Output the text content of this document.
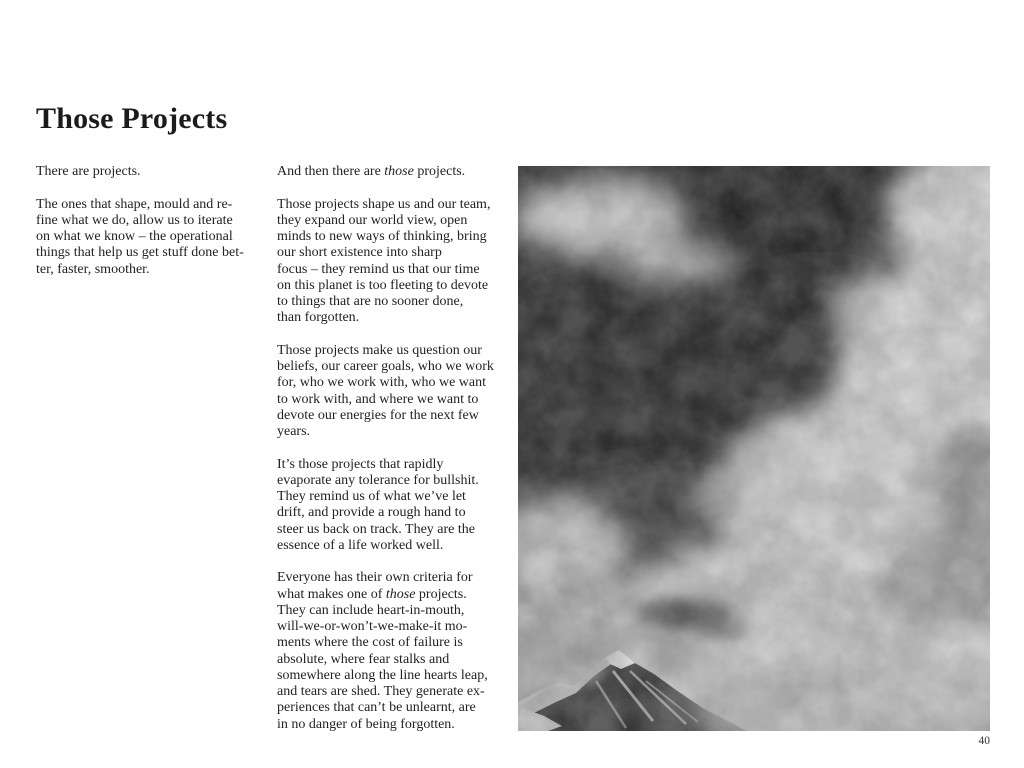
Those Projects

There are projects.

The ones that shape, mould and re-
fine what we do, allow us to iterate
on what we know – the operational
things that help us get stuff done bet-
ter, faster, smoother.

And then there are those projects.

Those projects shape us and our team,
they expand our world view, open
minds to new ways of thinking, bring
our short existence into sharp
focus – they remind us that our time
on this planet is too fleeting to devote
to things that are no sooner done,
than forgotten.

Those projects make us question our
beliefs, our career goals, who we work
for, who we work with, who we want
to work with, and where we want to
devote our energies for the next few
years.

It’s those projects that rapidly
evaporate any tolerance for bullshit.
They remind us of what we’ve let
drift, and provide a rough hand to
steer us back on track. They are the
essence of a life worked well.

Everyone has their own criteria for
what makes one of those projects.
They can include heart-in-mouth,
will-we-or-won’t-we-make-it mo-
ments where the cost of failure is
absolute, where fear stalks and
somewhere along the line hearts leap,
and tears are shed. They generate ex-
periences that can’t be unlearnt, are
in no danger of being forgotten.

40
